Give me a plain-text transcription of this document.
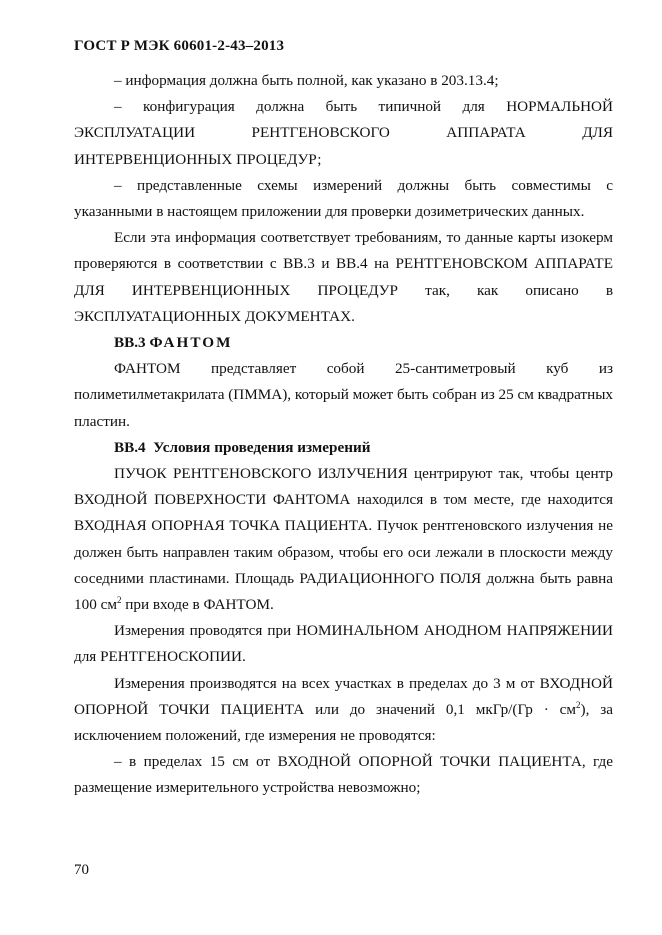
ГОСТ Р МЭК 60601-2-43–2013

– информация должна быть полной, как указано в 203.13.4;

– конфигурация должна быть типичной для НОРМАЛЬНОЙ ЭКСПЛУАТАЦИИ РЕНТГЕНОВСКОГО АППАРАТА ДЛЯ ИНТЕРВЕНЦИОННЫХ ПРОЦЕДУР;

– представленные схемы измерений должны быть совместимы с указанными в настоящем приложении для проверки дозиметрических данных.

Если эта информация соответствует требованиям, то данные карты изокерм проверяются в соответствии с ВВ.3 и ВВ.4 на РЕНТГЕНОВСКОМ АППАРАТЕ ДЛЯ ИНТЕРВЕНЦИОННЫХ ПРОЦЕДУР так, как описано в ЭКСПЛУАТАЦИОННЫХ ДОКУМЕНТАХ.

ВВ.3 ФАНТОМ

ФАНТОМ представляет собой 25-сантиметровый куб из полиметилметакрилата (ПММА), который может быть собран из 25 см квадратных пластин.

ВВ.4  Условия проведения измерений

ПУЧОК РЕНТГЕНОВСКОГО ИЗЛУЧЕНИЯ центрируют так, чтобы центр ВХОДНОЙ ПОВЕРХНОСТИ ФАНТОМА находился в том месте, где находится ВХОДНАЯ ОПОРНАЯ ТОЧКА ПАЦИЕНТА. Пучок рентгеновского излучения не должен быть направлен таким образом, чтобы его оси лежали в плоскости между соседними пластинами. Площадь РАДИАЦИОННОГО ПОЛЯ должна быть равна 100 $см^2$ при входе в ФАНТОМ.

Измерения проводятся при НОМИНАЛЬНОМ АНОДНОМ НАПРЯЖЕНИИ для РЕНТГЕНОСКОПИИ.

Измерения производятся на всех участках в пределах до 3 м от ВХОДНОЙ ОПОРНОЙ ТОЧКИ ПАЦИЕНТА или до значений 0,1 мкГр/(Гр · $см^2$), за исключением положений, где измерения не проводятся:

– в пределах 15 см от ВХОДНОЙ ОПОРНОЙ ТОЧКИ ПАЦИЕНТА, где размещение измерительного устройства невозможно;

70
